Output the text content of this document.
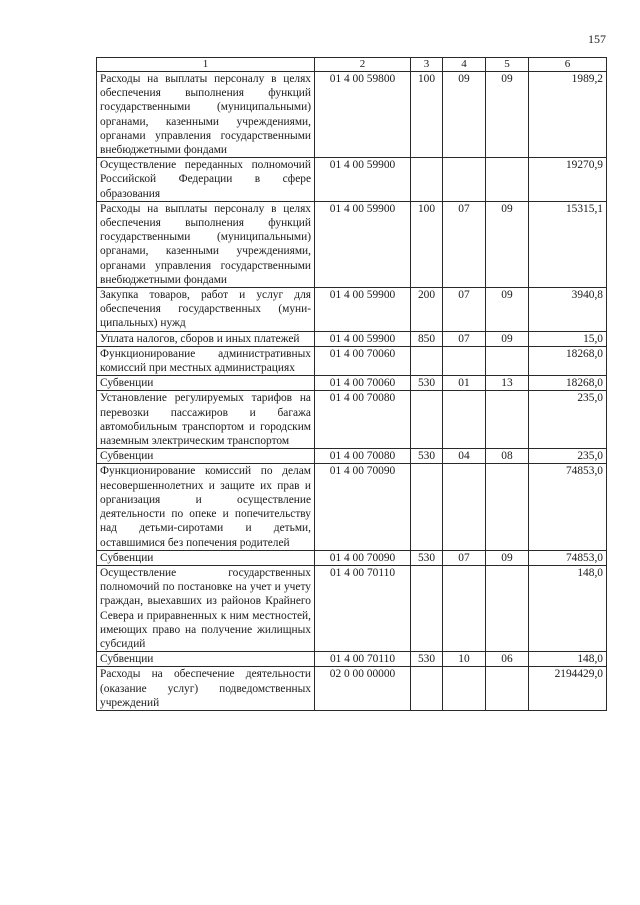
157
1	2	3	4	5	6
Расходы на выплаты персоналу в целях обеспечения выполнения функций государственными (муниципальными) органами, казенными учреждениями, органами управления государственными внебюджетными фондами	01 4 00 59800	100	09	09	1989,2
Осуществление переданных полномочий Российской Федерации в сфере образования	01 4 00 59900				19270,9
Расходы на выплаты персоналу в целях обеспечения выполнения функций государственными (муниципальными) органами, казенными учреждениями, органами управления государственными внебюджетными фондами	01 4 00 59900	100	07	09	15315,1
Закупка товаров, работ и услуг для обеспечения государственных (муниципальных) нужд	01 4 00 59900	200	07	09	3940,8
Уплата налогов, сборов и иных платежей	01 4 00 59900	850	07	09	15,0
Функционирование административных комиссий при местных администрациях	01 4 00 70060				18268,0
Субвенции	01 4 00 70060	530	01	13	18268,0
Установление регулируемых тарифов на перевозки пассажиров и багажа автомобильным транспортом и городским наземным электрическим транспортом	01 4 00 70080				235,0
Субвенции	01 4 00 70080	530	04	08	235,0
Функционирование комиссий по делам несовершеннолетних и защите их прав и организация и осуществление деятельности по опеке и попечительству над детьми-сиротами и детьми, оставшимися без попечения родителей	01 4 00 70090				74853,0
Субвенции	01 4 00 70090	530	07	09	74853,0
Осуществление государственных полномочий по постановке на учет и учету граждан, выехавших из районов Крайнего Севера и приравненных к ним местностей, имеющих право на получение жилищных субсидий	01 4 00 70110				148,0
Субвенции	01 4 00 70110	530	10	06	148,0
Расходы на обеспечение деятельности (оказание услуг) подведомственных учреждений	02 0 00 00000				2194429,0
